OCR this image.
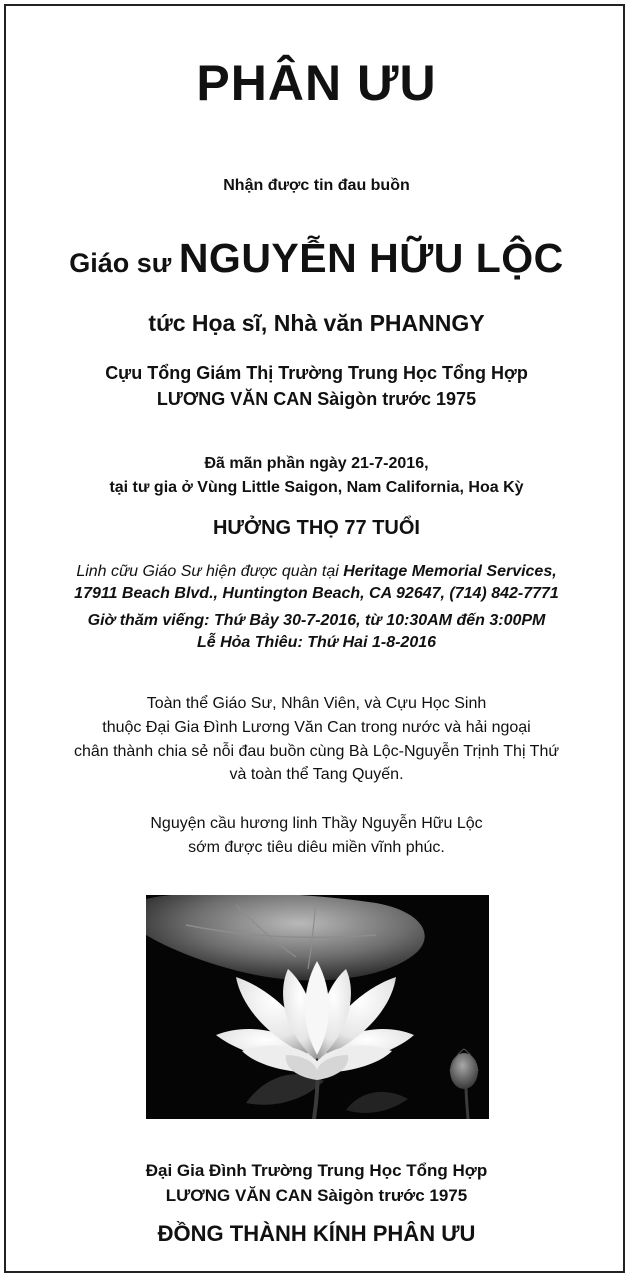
PHÂN ƯU
Nhận được tin đau buồn
Giáo sư NGUYỄN HỮU LỘC
tức Họa sĩ, Nhà văn PHANNGY
Cựu Tổng Giám Thị Trường Trung Học Tổng Hợp
LƯƠNG VĂN CAN Sàigòn trước 1975
Đã mãn phần ngày 21-7-2016,
tại tư gia ở Vùng Little Saigon, Nam California, Hoa Kỳ
HƯỞNG THỌ 77 TUỔI
Linh cữu Giáo Sư hiện được quàn tại Heritage Memorial Services,
17911 Beach Blvd., Huntington Beach, CA 92647, (714) 842-7771
Giờ thăm viếng: Thứ Bảy 30-7-2016, từ 10:30AM đến 3:00PM
Lễ Hỏa Thiêu: Thứ Hai 1-8-2016
Toàn thể Giáo Sư, Nhân Viên, và Cựu Học Sinh
thuộc Đại Gia Đình Lương Văn Can trong nước và hải ngoại
chân thành chia sẻ nỗi đau buồn cùng Bà Lộc-Nguyễn Trịnh Thị Thứ
và toàn thể Tang Quyến.
Nguyện cầu hương linh Thầy Nguyễn Hữu Lộc
sớm được tiêu diêu miền vĩnh phúc.
Đại Gia Đình Trường Trung Học Tổng Hợp
LƯƠNG VĂN CAN Sàigòn trước 1975
ĐỒNG THÀNH KÍNH PHÂN ƯU
